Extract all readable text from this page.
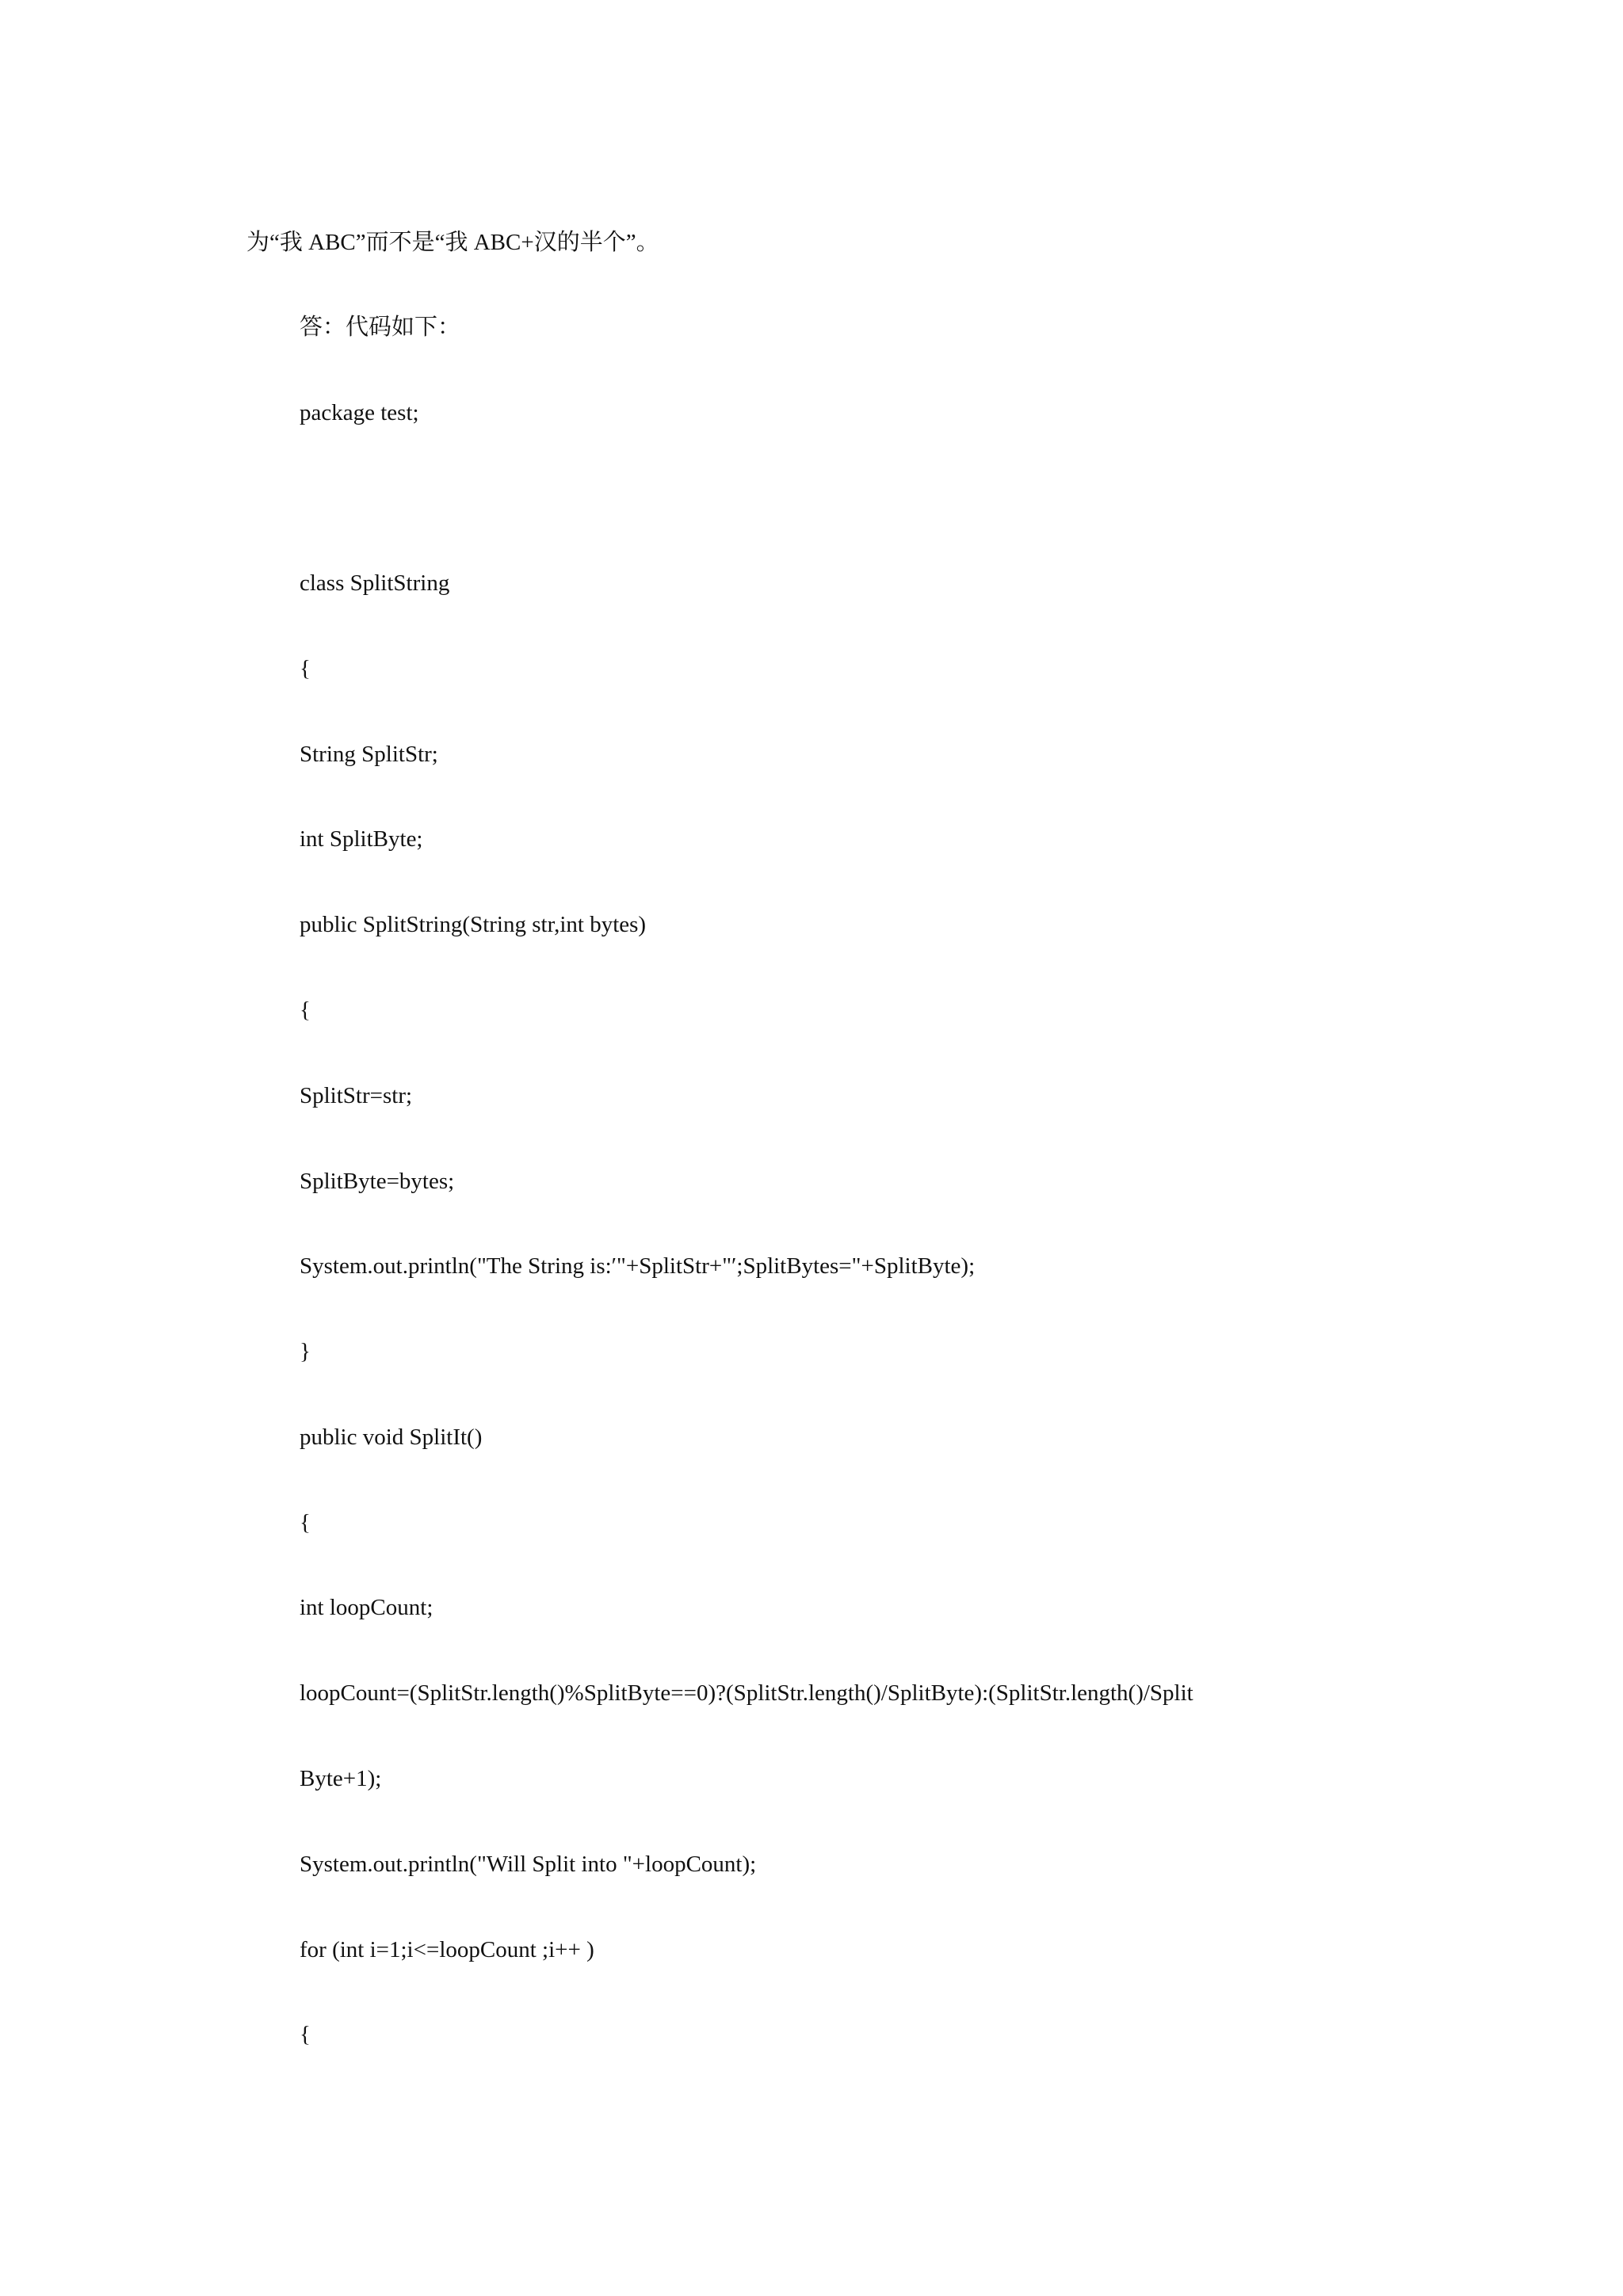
为“我 ABC”而不是“我 ABC+汉的半个”。
答：代码如下：
package test;
class SplitString
{
String SplitStr;
int SplitByte;
public SplitString(String str,int bytes)
{
SplitStr=str;
SplitByte=bytes;
System.out.println("The String is:′"+SplitStr+"′;SplitBytes="+SplitByte);
}
public void SplitIt()
{
int loopCount;
loopCount=(SplitStr.length()%SplitByte==0)?(SplitStr.length()/SplitByte):(SplitStr.length()/Split
Byte+1);
System.out.println("Will Split into "+loopCount);
for (int i=1;i<=loopCount ;i++ )
{
